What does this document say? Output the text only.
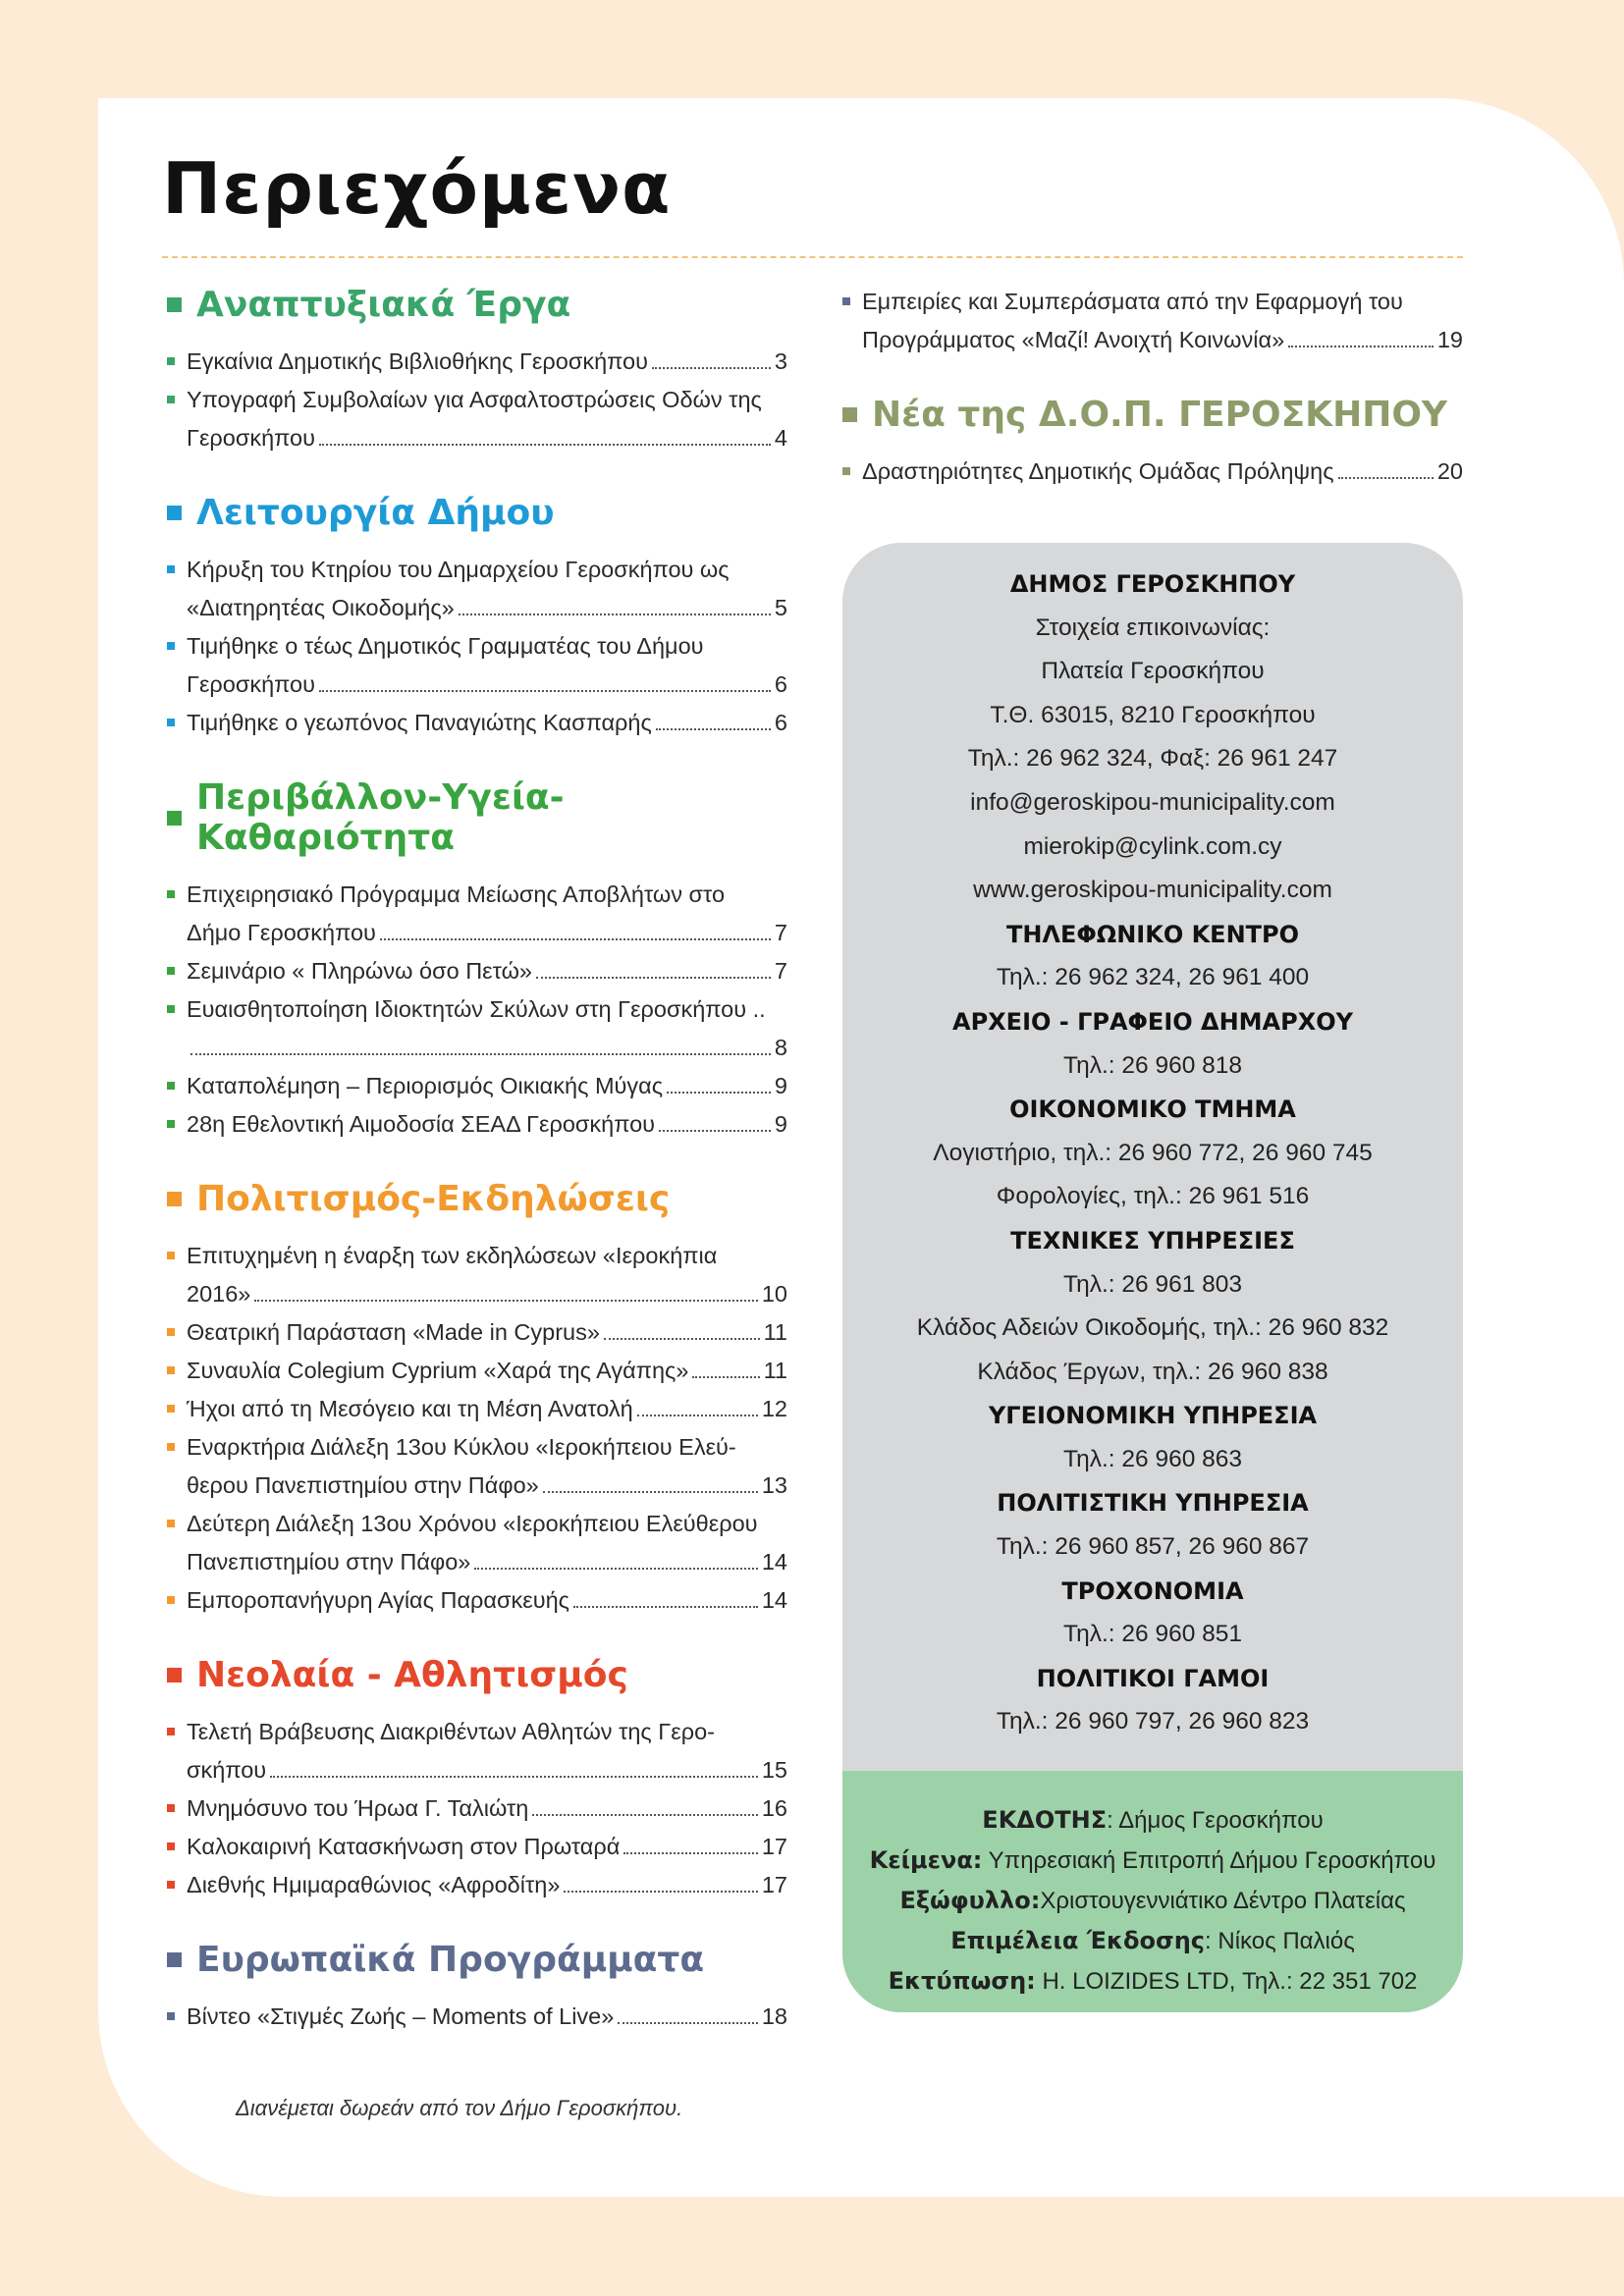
Περιεχόμενα
Αναπτυξιακά Έργα
Εγκαίνια Δημοτικής Βιβλιοθήκης Γεροσκήπου	3
Υπογραφή Συμβολαίων για Ασφαλτοστρώσεις Οδών της
Γεροσκήπου	4
Λειτουργία Δήμου
Κήρυξη του Κτηρίου του Δημαρχείου Γεροσκήπου ως
«Διατηρητέας Οικοδομής»	5
Τιμήθηκε ο τέως Δημοτικός Γραμματέας του Δήμου
Γεροσκήπου	6
Τιμήθηκε ο γεωπόνος Παναγιώτης Κασπαρής	6
Περιβάλλον-Υγεία-Καθαριότητα
Επιχειρησιακό Πρόγραμμα Μείωσης Αποβλήτων στο
Δήμο Γεροσκήπου	7
Σεμινάριο « Πληρώνω όσο Πετώ»	7
Ευαισθητοποίηση Ιδιοκτητών Σκύλων στη Γεροσκήπου ..
8
Καταπολέμηση – Περιορισμός Οικιακής Μύγας	9
28η Εθελοντική Αιμοδοσία ΣΕΑΔ Γεροσκήπου	9
Πολιτισμός-Εκδηλώσεις
Επιτυχημένη η έναρξη των εκδηλώσεων «Ιεροκήπια
2016»	10
Θεατρική Παράσταση «Made in Cyprus»	11
Συναυλία Colegium Cyprium «Χαρά της Αγάπης»	11
Ήχοι από τη Μεσόγειο και τη Μέση Ανατολή	12
Εναρκτήρια Διάλεξη 13ου Κύκλου «Ιεροκήπειου Ελεύ-
θερου Πανεπιστημίου στην Πάφο»	13
Δεύτερη Διάλεξη 13ου Χρόνου «Ιεροκήπειου Ελεύθερου
Πανεπιστημίου στην Πάφο»	14
Εμποροπανήγυρη Αγίας Παρασκευής	14
Νεολαία - Αθλητισμός
Τελετή Βράβευσης Διακριθέντων Αθλητών της Γερο-
σκήπου	15
Μνημόσυνο του Ήρωα Γ. Ταλιώτη	16
Καλοκαιρινή Κατασκήνωση στον Πρωταρά	17
Διεθνής Ημιμαραθώνιος «Αφροδίτη»	17
Ευρωπαϊκά Προγράμματα
Βίντεο «Στιγμές Ζωής – Moments of Live»	18
Εμπειρίες και Συμπεράσματα από την Εφαρμογή του
Προγράμματος «Μαζί! Ανοιχτή Κοινωνία»	19
Νέα της Δ.Ο.Π. ΓΕΡΟΣΚΗΠΟΥ
Δραστηριότητες Δημοτικής Ομάδας Πρόληψης	20
ΔΗΜΟΣ ΓΕΡΟΣΚΗΠΟΥ
Στοιχεία επικοινωνίας:
Πλατεία Γεροσκήπου
Τ.Θ. 63015, 8210 Γεροσκήπου
Τηλ.: 26 962 324, Φαξ: 26 961 247
info@geroskipou-municipality.com
mierokip@cylink.com.cy
www.geroskipou-municipality.com
ΤΗΛΕΦΩΝΙΚΟ ΚΕΝΤΡΟ
Τηλ.: 26 962 324, 26 961 400
ΑΡΧΕΙΟ - ΓΡΑΦΕΙΟ ΔΗΜΑΡΧΟΥ
Τηλ.: 26 960 818
ΟΙΚΟΝΟΜΙΚΟ ΤΜΗΜΑ
Λογιστήριο, τηλ.: 26 960 772, 26 960 745
Φορολογίες, τηλ.: 26 961 516
ΤΕΧΝΙΚΕΣ ΥΠΗΡΕΣΙΕΣ
Τηλ.: 26 961 803
Κλάδος Αδειών Οικοδομής, τηλ.: 26 960 832
Κλάδος Έργων, τηλ.: 26 960 838
ΥΓΕΙΟΝΟΜΙΚΗ ΥΠΗΡΕΣΙΑ
Τηλ.: 26 960 863
ΠΟΛΙΤΙΣΤΙΚΗ ΥΠΗΡΕΣΙΑ
Τηλ.: 26 960 857, 26 960 867
ΤΡΟΧΟΝΟΜΙΑ
Τηλ.: 26 960 851
ΠΟΛΙΤΙΚΟΙ ΓΑΜΟΙ
Τηλ.: 26 960 797, 26 960 823
ΕΚΔΟΤΗΣ: Δήμος Γεροσκήπου
Κείμενα: Υπηρεσιακή Επιτροπή Δήμου Γεροσκήπου
Εξώφυλλο:Χριστουγεννιάτικο Δέντρο Πλατείας
Επιμέλεια Έκδοσης: Νίκος Παλιός
Εκτύπωση: H. LOIZIDES LTD, Τηλ.: 22 351 702

Διανέμεται δωρεάν από τον Δήμο Γεροσκήπου.
